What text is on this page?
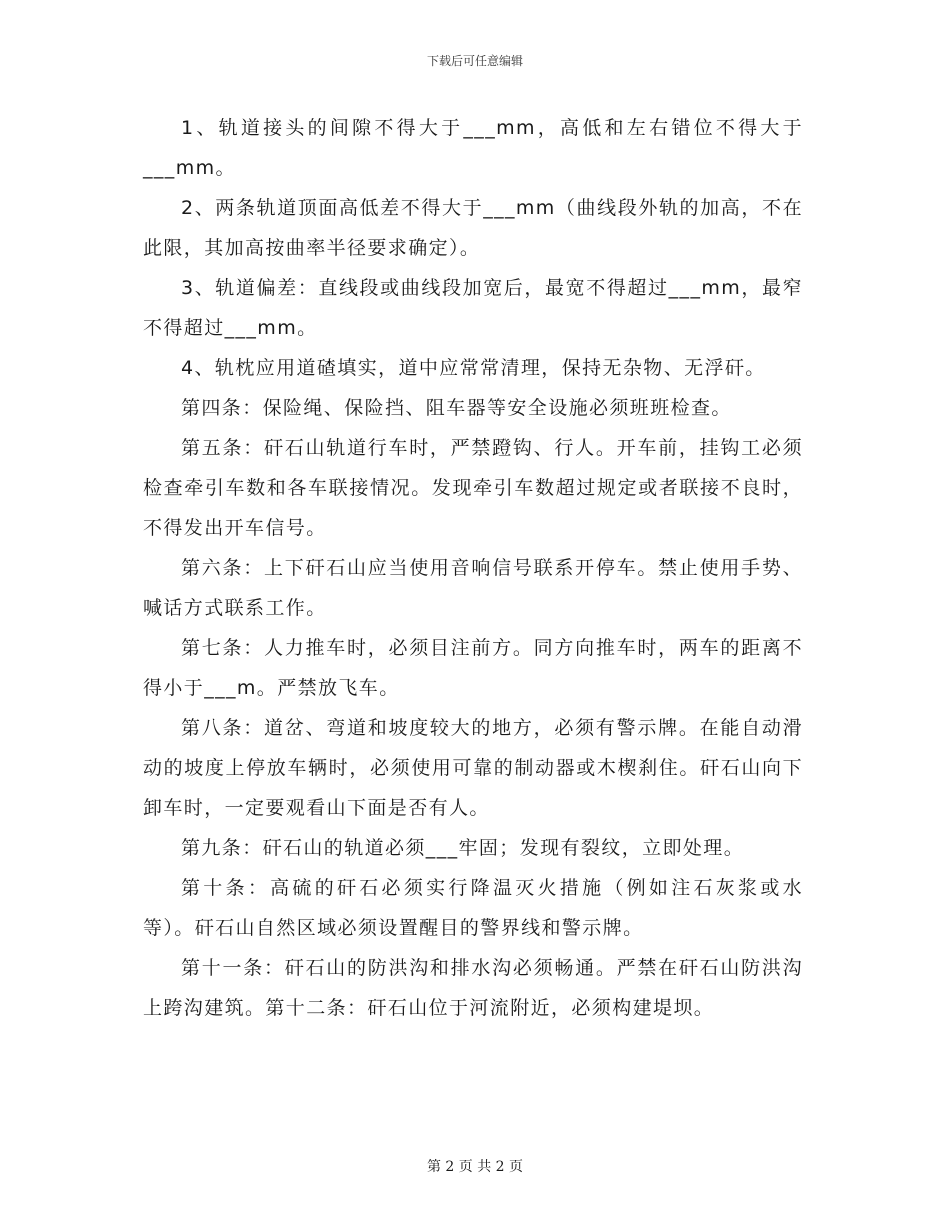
下载后可任意编辑

1、轨道接头的间隙不得大于___mm，高低和左右错位不得大于___mm。

2、两条轨道顶面高低差不得大于___mm（曲线段外轨的加高，不在此限，其加高按曲率半径要求确定）。

3、轨道偏差：直线段或曲线段加宽后，最宽不得超过___mm，最窄不得超过___mm。

4、轨枕应用道碴填实，道中应常常清理，保持无杂物、无浮矸。

第四条：保险绳、保险挡、阻车器等安全设施必须班班检查。

第五条：矸石山轨道行车时，严禁蹬钩、行人。开车前，挂钩工必须检查牵引车数和各车联接情况。发现牵引车数超过规定或者联接不良时，不得发出开车信号。

第六条：上下矸石山应当使用音响信号联系开停车。禁止使用手势、喊话方式联系工作。

第七条：人力推车时，必须目注前方。同方向推车时，两车的距离不得小于___m。严禁放飞车。

第八条：道岔、弯道和坡度较大的地方，必须有警示牌。在能自动滑动的坡度上停放车辆时，必须使用可靠的制动器或木楔刹住。矸石山向下卸车时，一定要观看山下面是否有人。

第九条：矸石山的轨道必须___牢固；发现有裂纹，立即处理。

第十条：高硫的矸石必须实行降温灭火措施（例如注石灰浆或水等）。矸石山自然区域必须设置醒目的警界线和警示牌。

第十一条：矸石山的防洪沟和排水沟必须畅通。严禁在矸石山防洪沟上跨沟建筑。第十二条：矸石山位于河流附近，必须构建堤坝。

第 2 页 共 2 页
